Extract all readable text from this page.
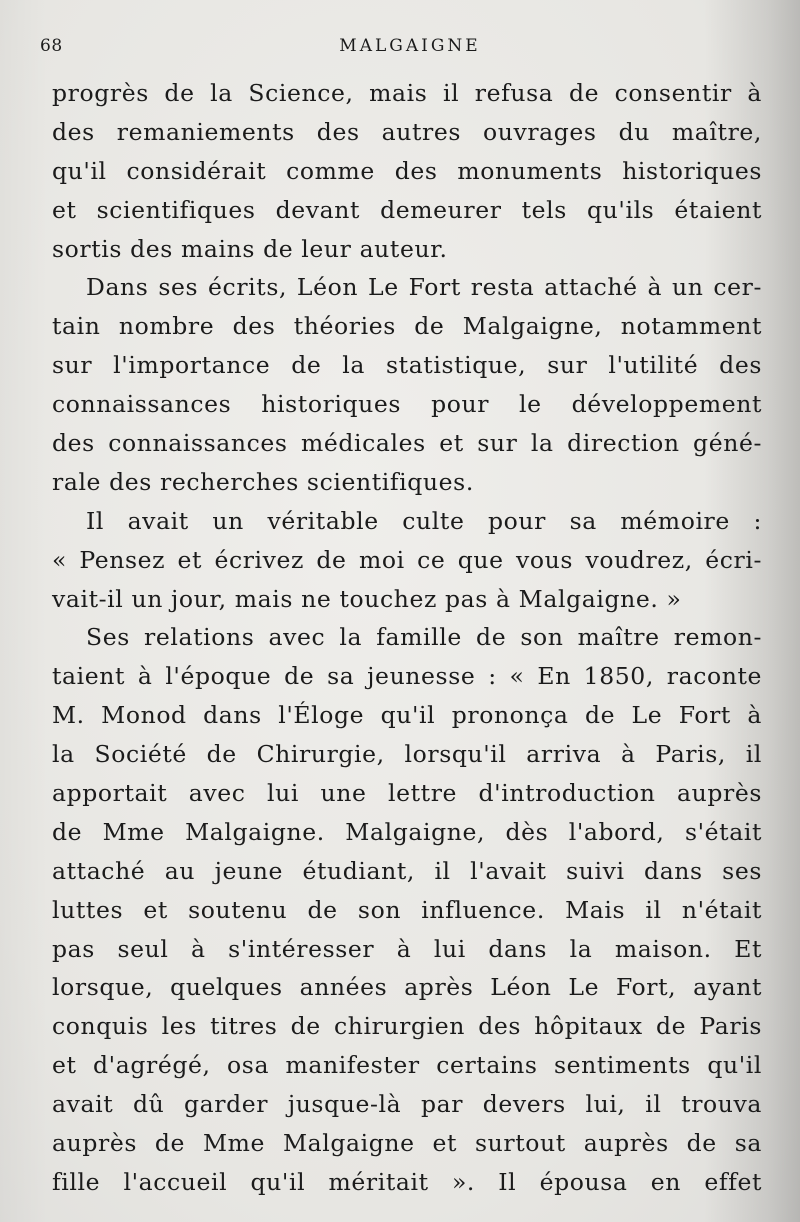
68	MALGAIGNE
progrès de la Science, mais il refusa de consentir à
des remaniements des autres ouvrages du maître,
qu'il considérait comme des monuments historiques
et scientifiques devant demeurer tels qu'ils étaient
sortis des mains de leur auteur.
Dans ses écrits, Léon Le Fort resta attaché à un cer-
tain nombre des théories de Malgaigne, notamment
sur l'importance de la statistique, sur l'utilité des
connaissances historiques pour le développement
des connaissances médicales et sur la direction géné-
rale des recherches scientifiques.
Il avait un véritable culte pour sa mémoire :
« Pensez et écrivez de moi ce que vous voudrez, écri-
vait-il un jour, mais ne touchez pas à Malgaigne. »
Ses relations avec la famille de son maître remon-
taient à l'époque de sa jeunesse : « En 1850, raconte
M. Monod dans l'Éloge qu'il prononça de Le Fort à
la Société de Chirurgie, lorsqu'il arriva à Paris, il
apportait avec lui une lettre d'introduction auprès
de Mme Malgaigne. Malgaigne, dès l'abord, s'était
attaché au jeune étudiant, il l'avait suivi dans ses
luttes et soutenu de son influence. Mais il n'était
pas seul à s'intéresser à lui dans la maison. Et
lorsque, quelques années après Léon Le Fort, ayant
conquis les titres de chirurgien des hôpitaux de Paris
et d'agrégé, osa manifester certains sentiments qu'il
avait dû garder jusque-là par devers lui, il trouva
auprès de Mme Malgaigne et surtout auprès de sa
fille l'accueil qu'il méritait ». Il épousa en effet
